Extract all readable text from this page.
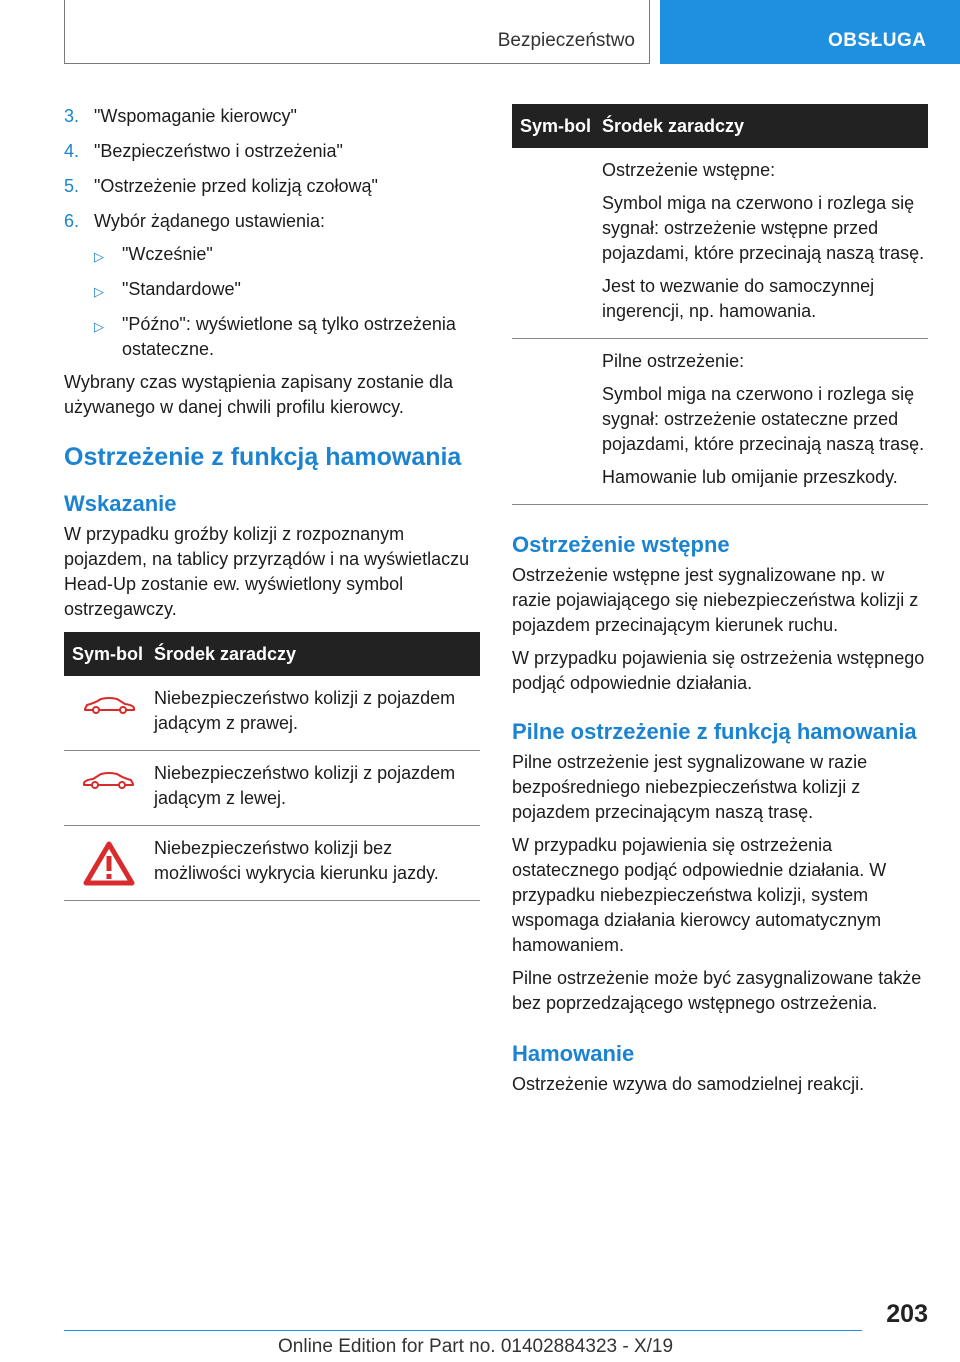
Bezpieczeństwo	OBSŁUGA
3. "Wspomaganie kierowcy"
4. "Bezpieczeństwo i ostrzeżenia"
5. "Ostrzeżenie przed kolizją czołową"
6. Wybór żądanego ustawienia:
▷	"Wcześnie"
▷	"Standardowe"
▷	"Późno": wyświetlone są tylko ostrzeżenia ostateczne.

Wybrany czas wystąpienia zapisany zostanie dla używanego w danej chwili profilu kierowcy.

Ostrzeżenie z funkcją hamowania
Wskazanie

W przypadku groźby kolizji z rozpoznanym pojazdem, na tablicy przyrządów i na wyświetlaczu Head-Up zostanie ew. wyświetlony symbol ostrzegawczy.

Sym-bol Środek zaradczy

Niebezpieczeństwo kolizji z pojazdem jadącym z prawej.

Niebezpieczeństwo kolizji z pojazdem jadącym z lewej.

Niebezpieczeństwo kolizji bez możliwości wykrycia kierunku jazdy.

Sym-bol Środek zaradczy

Ostrzeżenie wstępne:

Symbol miga na czerwono i rozlega się sygnał: ostrzeżenie wstępne przed pojazdami, które przecinają naszą trasę.

Jest to wezwanie do samoczynnej ingerencji, np. hamowania.

Pilne ostrzeżenie:

Symbol miga na czerwono i rozlega się sygnał: ostrzeżenie ostateczne przed pojazdami, które przecinają naszą trasę.

Hamowanie lub omijanie przeszkody.

Ostrzeżenie wstępne

Ostrzeżenie wstępne jest sygnalizowane np. w razie pojawiającego się niebezpieczeństwa kolizji z pojazdem przecinającym kierunek ruchu.

W przypadku pojawienia się ostrzeżenia wstępnego podjąć odpowiednie działania.

Pilne ostrzeżenie z funkcją hamowania

Pilne ostrzeżenie jest sygnalizowane w razie bezpośredniego niebezpieczeństwa kolizji z pojazdem przecinającym naszą trasę.

W przypadku pojawienia się ostrzeżenia ostatecznego podjąć odpowiednie działania. W przypadku niebezpieczeństwa kolizji, system wspomaga działania kierowcy automatycznym hamowaniem.

Pilne ostrzeżenie może być zasygnalizowane także bez poprzedzającego wstępnego ostrzeżenia.

Hamowanie

Ostrzeżenie wzywa do samodzielnej reakcji.

203
Online Edition for Part no. 01402884323 - X/19
